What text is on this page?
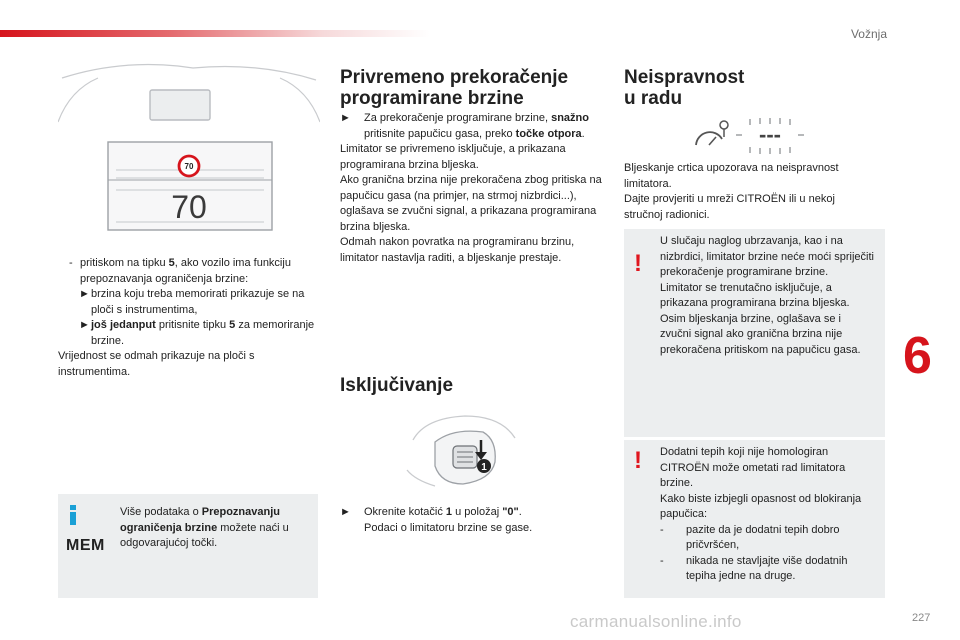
Vožnja
6
70
70

- pritiskom na tipku 5, ako vozilo ima funkciju prepoznavanja ograničenja brzine:

►brzina koju treba memorirati prikazuje se na ploči s instrumentima,

►još jedanput pritisnite tipku 5 za memoriranje brzine.

Vrijednost se odmah prikazuje na ploči s instrumentima.

MEM
Više podataka o Prepoznavanju ograničenja brzine možete naći u odgovarajućoj točki.
Privremeno prekoračenje
programirane brzine

► Za prekoračenje programirane brzine, snažno pritisnite papučicu gasa, preko točke otpora.

Limitator se privremeno isključuje, a prikazana programirana brzina bljeska.

Ako granična brzina nije prekoračena zbog pritiska na papučicu gasa (na primjer, na strmoj nizbrdici...), oglašava se zvučni signal, a prikazana programirana brzina bljeska.

Odmah nakon povratka na programiranu brzinu, limitator nastavlja raditi, a bljeskanje prestaje.

Isključivanje
1

► Okrenite kotačić 1 u položaj "0".

Podaci o limitatoru brzine se gase.

Neispravnost
u radu
---

Bljeskanje crtica upozorava na neispravnost limitatora.

Dajte provjeriti u mreži CITROËN ili u nekoj stručnoj radionici.

!

U slučaju naglog ubrzavanja, kao i na nizbrdici, limitator brzine neće moći spriječiti prekoračenje programirane brzine.

Limitator se trenutačno isključuje, a prikazana programirana brzina bljeska.

Osim bljeskanja brzine, oglašava se i zvučni signal ako granična brzina nije prekoračena pritiskom na papučicu gasa.

! Dodatni tepih koji nije homologiran CITROËN može ometati rad limitatora brzine.

Kako biste izbjegli opasnost od blokiranja papučica:

- pazite da je dodatni tepih dobro pričvršćen,

- nikada ne stavljajte više dodatnih tepiha jedne na druge.

carmanualsonline.info	227
